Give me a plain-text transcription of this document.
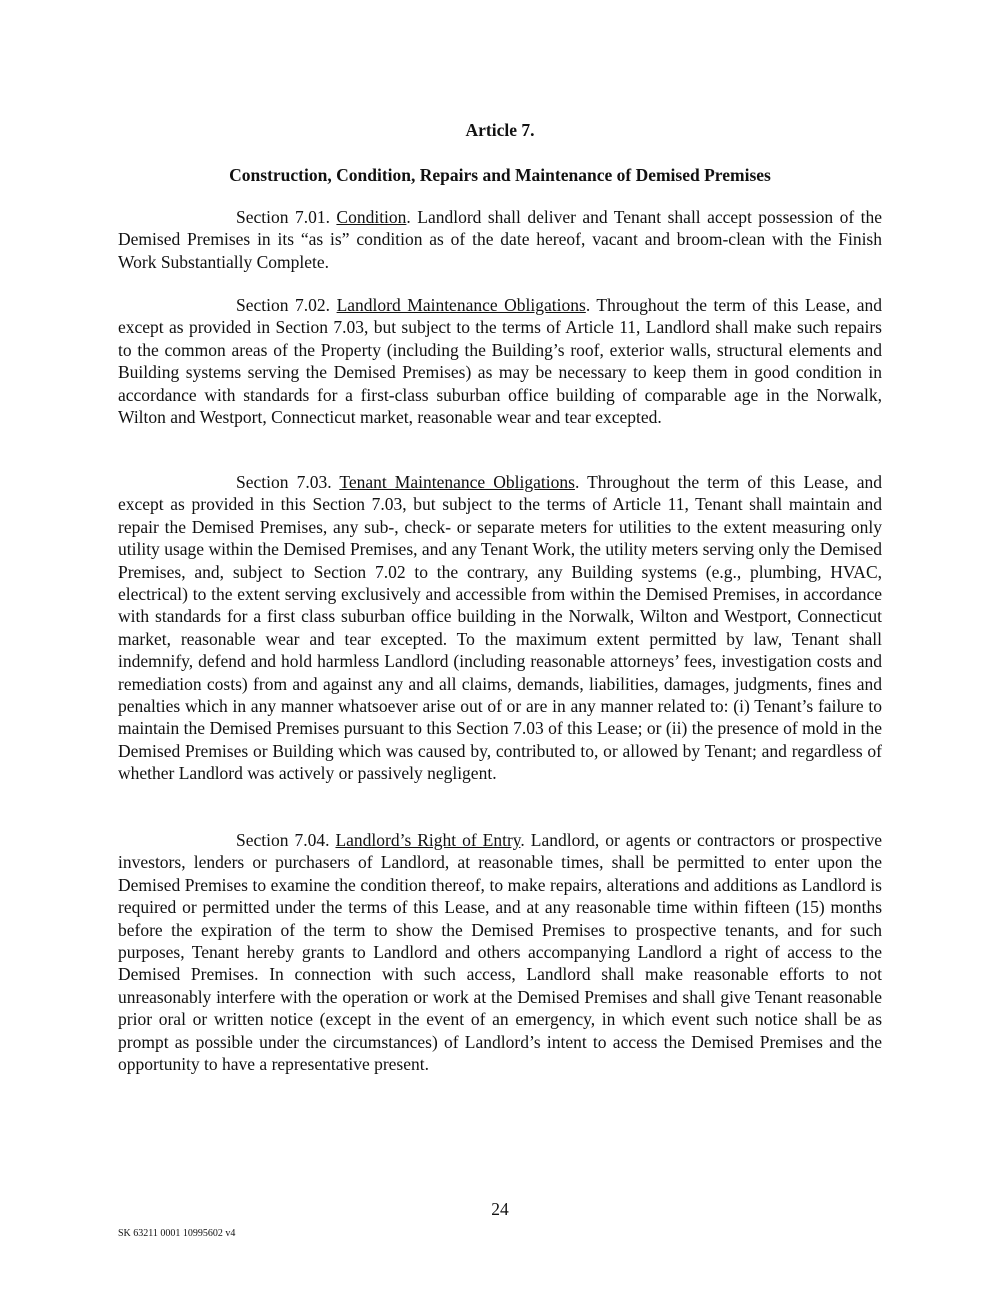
Article 7.
Construction, Condition, Repairs and Maintenance of Demised Premises

Section 7.01. Condition. Landlord shall deliver and Tenant shall accept possession of the Demised Premises in its “as is” condition as of the date hereof, vacant and broom-clean with the Finish Work Substantially Complete.

Section 7.02. Landlord Maintenance Obligations. Throughout the term of this Lease, and except as provided in Section 7.03, but subject to the terms of Article 11, Landlord shall make such repairs to the common areas of the Property (including the Building’s roof, exterior walls, structural elements and Building systems serving the Demised Premises) as may be necessary to keep them in good condition in accordance with standards for a first-class suburban office building of comparable age in the Norwalk, Wilton and Westport, Connecticut market, reasonable wear and tear excepted.

Section 7.03. Tenant Maintenance Obligations. Throughout the term of this Lease, and except as provided in this Section 7.03, but subject to the terms of Article 11, Tenant shall maintain and repair the Demised Premises, any sub-, check- or separate meters for utilities to the extent measuring only utility usage within the Demised Premises, and any Tenant Work, the utility meters serving only the Demised Premises, and, subject to Section 7.02 to the contrary, any Building systems (e.g., plumbing, HVAC, electrical) to the extent serving exclusively and accessible from within the Demised Premises, in accordance with standards for a first class suburban office building in the Norwalk, Wilton and Westport, Connecticut market, reasonable wear and tear excepted. To the maximum extent permitted by law, Tenant shall indemnify, defend and hold harmless Landlord (including reasonable attorneys’ fees, investigation costs and remediation costs) from and against any and all claims, demands, liabilities, damages, judgments, fines and penalties which in any manner whatsoever arise out of or are in any manner related to: (i) Tenant’s failure to maintain the Demised Premises pursuant to this Section 7.03 of this Lease; or (ii) the presence of mold in the Demised Premises or Building which was caused by, contributed to, or allowed by Tenant; and regardless of whether Landlord was actively or passively negligent.

Section 7.04. Landlord’s Right of Entry. Landlord, or agents or contractors or prospective investors, lenders or purchasers of Landlord, at reasonable times, shall be permitted to enter upon the Demised Premises to examine the condition thereof, to make repairs, alterations and additions as Landlord is required or permitted under the terms of this Lease, and at any reasonable time within fifteen (15) months before the expiration of the term to show the Demised Premises to prospective tenants, and for such purposes, Tenant hereby grants to Landlord and others accompanying Landlord a right of access to the Demised Premises. In connection with such access, Landlord shall make reasonable efforts to not unreasonably interfere with the operation or work at the Demised Premises and shall give Tenant reasonable prior oral or written notice (except in the event of an emergency, in which event such notice shall be as prompt as possible under the circumstances) of Landlord’s intent to access the Demised Premises and the opportunity to have a representative present.

24
SK 63211 0001 10995602 v4
